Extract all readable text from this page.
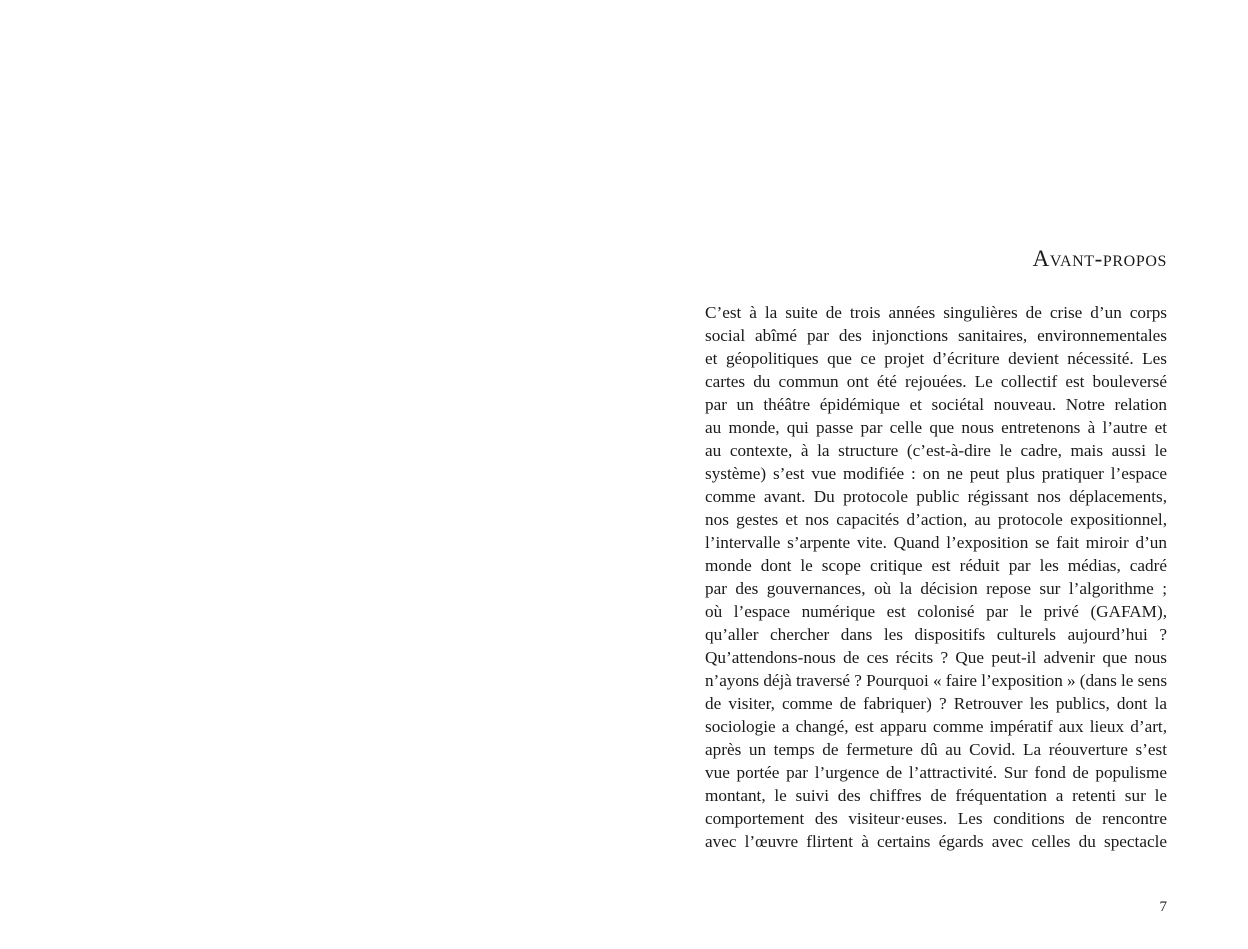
Avant-propos

C’est à la suite de trois années singulières de crise d’un corps
social abîmé par des injonctions sanitaires, environnementales
et géopolitiques que ce projet d’écriture devient nécessité. Les
cartes du commun ont été rejouées. Le collectif est bouleversé
par un théâtre épidémique et sociétal nouveau. Notre relation
au monde, qui passe par celle que nous entretenons à l’autre et
au contexte, à la structure (c’est-à-dire le cadre, mais aussi le
système) s’est vue modifiée : on ne peut plus pratiquer l’espace
comme avant. Du protocole public régissant nos déplacements,
nos gestes et nos capacités d’action, au protocole expositionnel,
l’intervalle s’arpente vite. Quand l’exposition se fait miroir d’un
monde dont le scope critique est réduit par les médias, cadré
par des gouvernances, où la décision repose sur l’algorithme ;
où l’espace numérique est colonisé par le privé (GAFAM),
qu’aller chercher dans les dispositifs culturels aujourd’hui ?
Qu’attendons-nous de ces récits ? Que peut-il advenir que nous
n’ayons déjà traversé ? Pourquoi « faire l’exposition » (dans le sens
de visiter, comme de fabriquer) ? Retrouver les publics, dont la
sociologie a changé, est apparu comme impératif aux lieux d’art,
après un temps de fermeture dû au Covid. La réouverture s’est
vue portée par l’urgence de l’attractivité. Sur fond de populisme
montant, le suivi des chiffres de fréquentation a retenti sur le
comportement des visiteur·euses. Les conditions de rencontre
avec l’œuvre flirtent à certains égards avec celles du spectacle

7
